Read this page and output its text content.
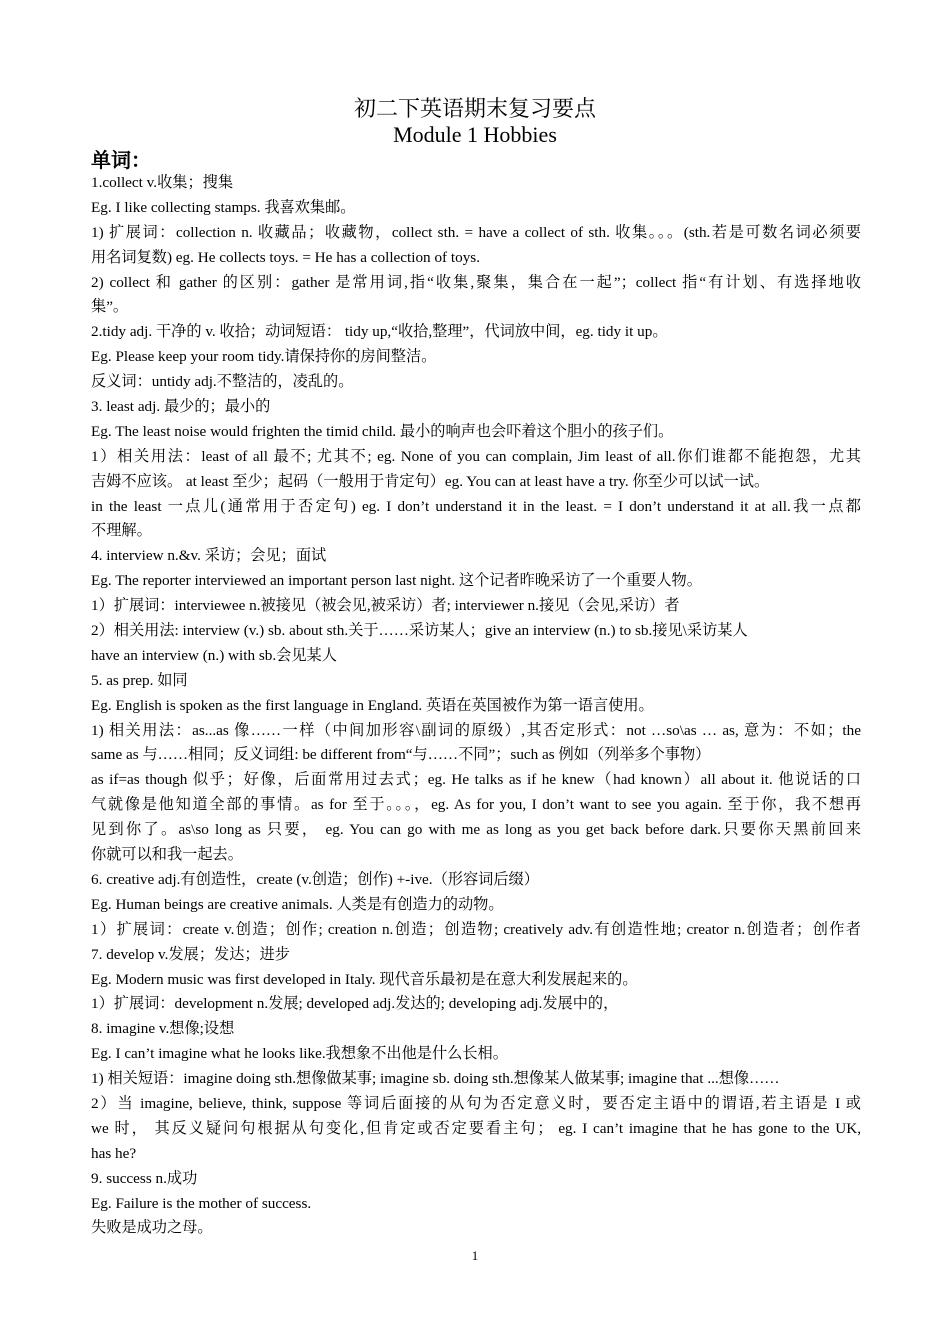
初二下英语期末复习要点
Module 1 Hobbies
单词：
1.collect v.收集；搜集
Eg. I like collecting stamps. 我喜欢集邮。
1) 扩展词：collection n. 收藏品；收藏物，collect sth. = have a collect of sth. 收集。。。(sth.若是可数名词必须要
用名词复数) eg. He collects toys. = He has a collection of toys.
2) collect 和 gather 的区别：gather 是常用词,指“收集,聚集，集合在一起”；collect 指“有计划、有选择地收
集”。
2.tidy adj. 干净的 v. 收拾；动词短语： tidy up,“收拾,整理”，代词放中间，eg. tidy it up。
Eg. Please keep your room tidy.请保持你的房间整洁。
反义词：untidy adj.不整洁的，凌乱的。
3. least adj. 最少的；最小的
Eg. The least noise would frighten the timid child. 最小的响声也会吓着这个胆小的孩子们。
1）相关用法：least of all 最不; 尤其不; eg. None of you can complain, Jim least of all.你们谁都不能抱怨，尤其
吉姆不应该。 at least 至少；起码（一般用于肯定句）eg. You can at least have a try. 你至少可以试一试。
in the least 一点儿(通常用于否定句) eg. I don’t understand it in the least. = I don’t understand it at all.我一点都
不理解。
4. interview n.&v. 采访；会见；面试
Eg. The reporter interviewed an important person last night. 这个记者昨晚采访了一个重要人物。
1）扩展词：interviewee n.被接见（被会见,被采访）者; interviewer n.接见（会见,采访）者
2）相关用法: interview (v.) sb. about sth.关于……采访某人；give an interview (n.) to sb.接见\采访某人
have an interview (n.) with sb.会见某人
5. as prep. 如同
Eg. English is spoken as the first language in England. 英语在英国被作为第一语言使用。
1) 相关用法：as...as 像……一样（中间加形容\副词的原级）,其否定形式：not …so\as … as, 意为：不如；the
same as 与……相同；反义词组: be different from“与……不同”；such as 例如（列举多个事物）
as if=as though 似乎；好像，后面常用过去式；eg. He talks as if he knew（had known）all about it. 他说话的口
气就像是他知道全部的事情。as for 至于。。。，eg. As for you, I don’t want to see you again. 至于你，我不想再
见到你了。as\so long as 只要， eg. You can go with me as long as you get back before dark.只要你天黑前回来
你就可以和我一起去。
6. creative adj.有创造性，create (v.创造；创作) +-ive.（形容词后缀）
Eg. Human beings are creative animals. 人类是有创造力的动物。
1）扩展词：create v.创造；创作; creation n.创造；创造物; creatively adv.有创造性地; creator n.创造者；创作者
7. develop v.发展；发达；进步
Eg. Modern music was first developed in Italy. 现代音乐最初是在意大利发展起来的。
1）扩展词：development n.发展; developed adj.发达的; developing adj.发展中的，
8. imagine v.想像;设想
Eg. I can’t imagine what he looks like.我想象不出他是什么长相。
1) 相关短语：imagine doing sth.想像做某事; imagine sb. doing sth.想像某人做某事; imagine that ...想像……
2）当 imagine, believe, think, suppose 等词后面接的从句为否定意义时，要否定主语中的谓语,若主语是 I 或
we 时， 其反义疑问句根据从句变化,但肯定或否定要看主句； eg. I can’t imagine that he has gone to the UK,
has he?
9. success n.成功
Eg. Failure is the mother of success.
失败是成功之母。
1
